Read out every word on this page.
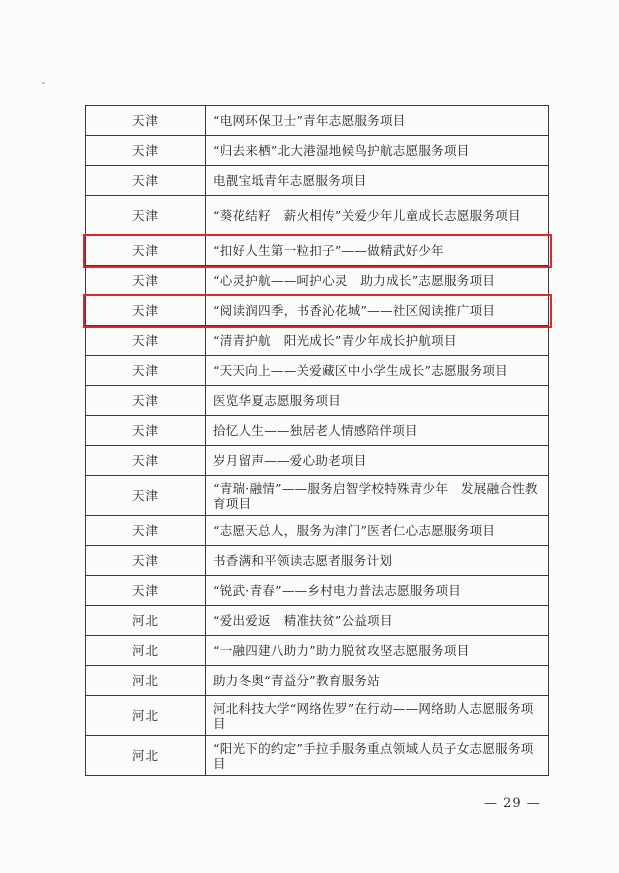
天津	“电网环保卫士”青年志愿服务项目
天津	“归去来栖”北大港湿地候鸟护航志愿服务项目
天津	电靓宝坻青年志愿服务项目
天津	“葵花结籽　薪火相传”关爱少年儿童成长志愿服务项目
天津	“扣好人生第一粒扣子”——做精武好少年
天津	“心灵护航——呵护心灵　助力成长”志愿服务项目
天津	“阅读润四季，书香沁花城”——社区阅读推广项目
天津	“清青护航　阳光成长”青少年成长护航项目
天津	“天天向上——关爱藏区中小学生成长”志愿服务项目
天津	医览华夏志愿服务项目
天津	拾忆人生——独居老人情感陪伴项目
天津	岁月留声——爱心助老项目
天津	“青瑞·融情”——服务启智学校特殊青少年　发展融合性教育项目
天津	“志愿天总人，服务为津门”医者仁心志愿服务项目
天津	书香满和平领读志愿者服务计划
天津	“锐武·青春”——乡村电力普法志愿服务项目
河北	“爱出爱返　精准扶贫”公益项目
河北	“一融四建八助力”助力脱贫攻坚志愿服务项目
河北	助力冬奥“青益分”教育服务站
河北	河北科技大学“网络佐罗”在行动——网络助人志愿服务项目
河北	“阳光下的约定”手拉手服务重点领域人员子女志愿服务项目
— 29 —
